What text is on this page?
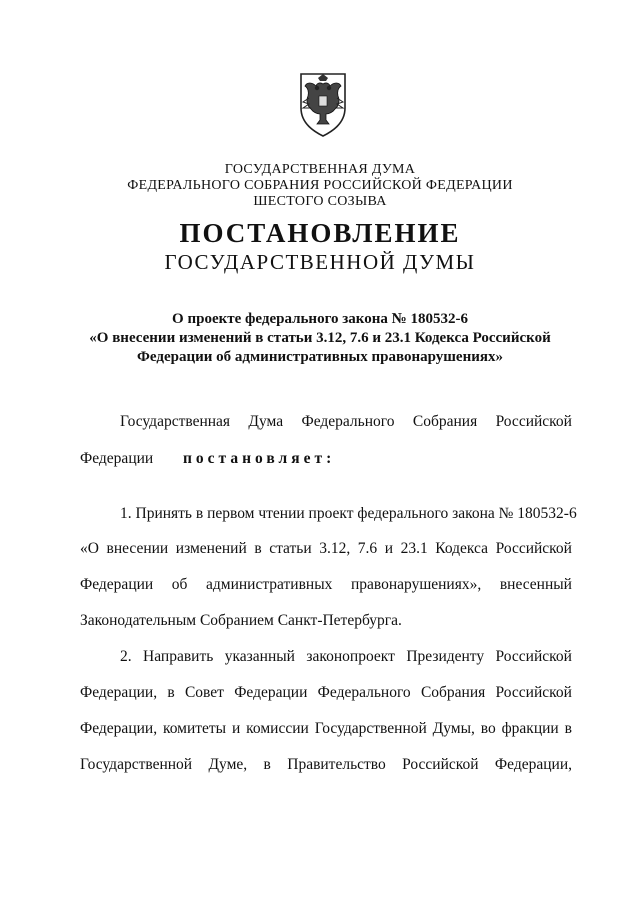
ГОСУДАРСТВЕННАЯ ДУМА
ФЕДЕРАЛЬНОГО СОБРАНИЯ РОССИЙСКОЙ ФЕДЕРАЦИИ
ШЕСТОГО СОЗЫВА
ПОСТАНОВЛЕНИЕ
ГОСУДАРСТВЕННОЙ ДУМЫ
О проекте федерального закона № 180532-6
«О внесении изменений в статьи 3.12, 7.6 и 23.1 Кодекса Российской
Федерации об административных правонарушениях»
Государственная Дума Федерального Собрания Российской
Федерации постановляет:
1. Принять в первом чтении проект федерального закона № 180532-6
«О внесении изменений в статьи 3.12, 7.6 и 23.1 Кодекса Российской
Федерации об административных правонарушениях», внесенный
Законодательным Собранием Санкт-Петербурга.
2. Направить указанный законопроект Президенту Российской
Федерации, в Совет Федерации Федерального Собрания Российской
Федерации, комитеты и комиссии Государственной Думы, во фракции в
Государственной Думе, в Правительство Российской Федерации,
